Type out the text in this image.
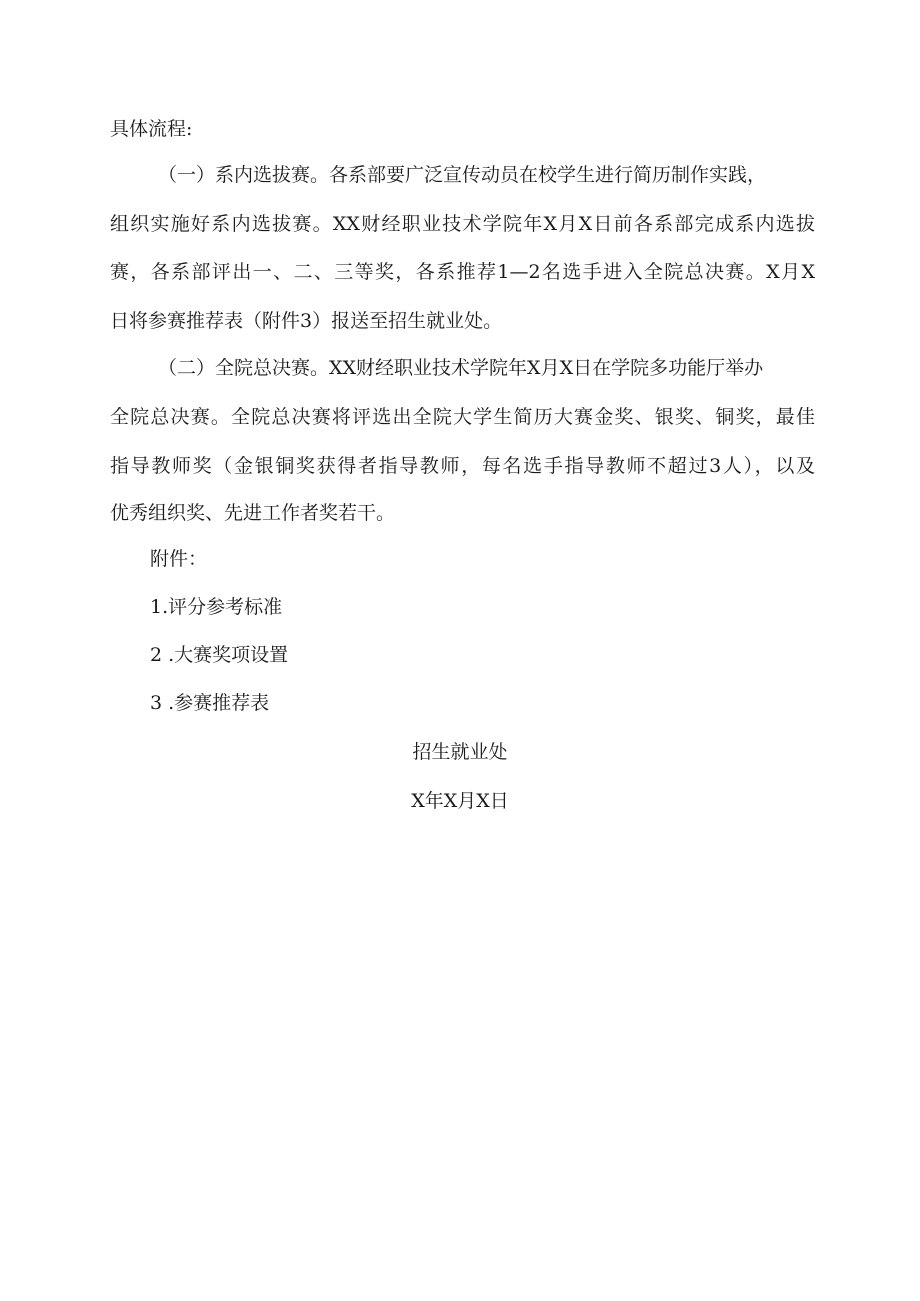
具体流程:
（一）系内选拔赛。各系部要广泛宣传动员在校学生进行简历制作实践，
组织实施好系内选拔赛。XX财经职业技术学院年X月X日前各系部完成系内选拔
赛，各系部评出一、二、三等奖，各系推荐1—2名选手进入全院总决赛。X月X
日将参赛推荐表（附件3）报送至招生就业处。
（二）全院总决赛。XX财经职业技术学院年X月X日在学院多功能厅举办
全院总决赛。全院总决赛将评选出全院大学生简历大赛金奖、银奖、铜奖，最佳
指导教师奖（金银铜奖获得者指导教师，每名选手指导教师不超过3人），以及
优秀组织奖、先进工作者奖若干。
附件：
1.评分参考标准
2 .大赛奖项设置
3 .参赛推荐表
招生就业处
X年X月X日
